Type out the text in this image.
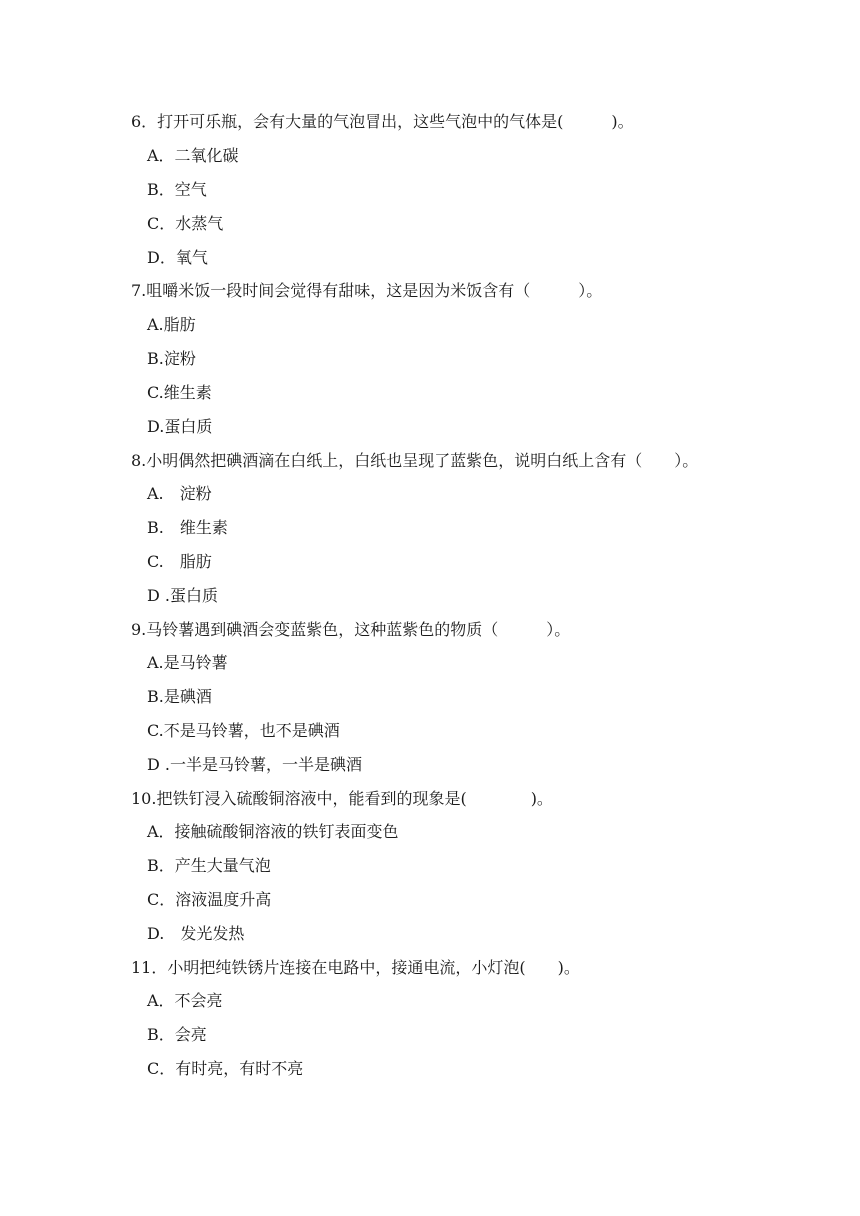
6．打开可乐瓶，会有大量的气泡冒出，这些气泡中的气体是(　　　)。
A．二氧化碳
B．空气
C．水蒸气
D．氧气
7.咀嚼米饭一段时间会觉得有甜味，这是因为米饭含有（　　　）。
A.脂肪
B.淀粉
C.维生素
D.蛋白质
8.小明偶然把碘酒滴在白纸上，白纸也呈现了蓝紫色，说明白纸上含有（　　）。
A.　淀粉
B.　维生素
C.　脂肪
D .蛋白质
9.马铃薯遇到碘酒会变蓝紫色，这种蓝紫色的物质（　　　）。
A.是马铃薯
B.是碘酒
C.不是马铃薯，也不是碘酒
D .一半是马铃薯，一半是碘酒
10.把铁钉浸入硫酸铜溶液中，能看到的现象是(　　　　)。
A．接触硫酸铜溶液的铁钉表面变色
B．产生大量气泡
C．溶液温度升高
D.　发光发热
11．小明把纯铁锈片连接在电路中，接通电流，小灯泡(　　)。
A．不会亮
B．会亮
C．有时亮，有时不亮
